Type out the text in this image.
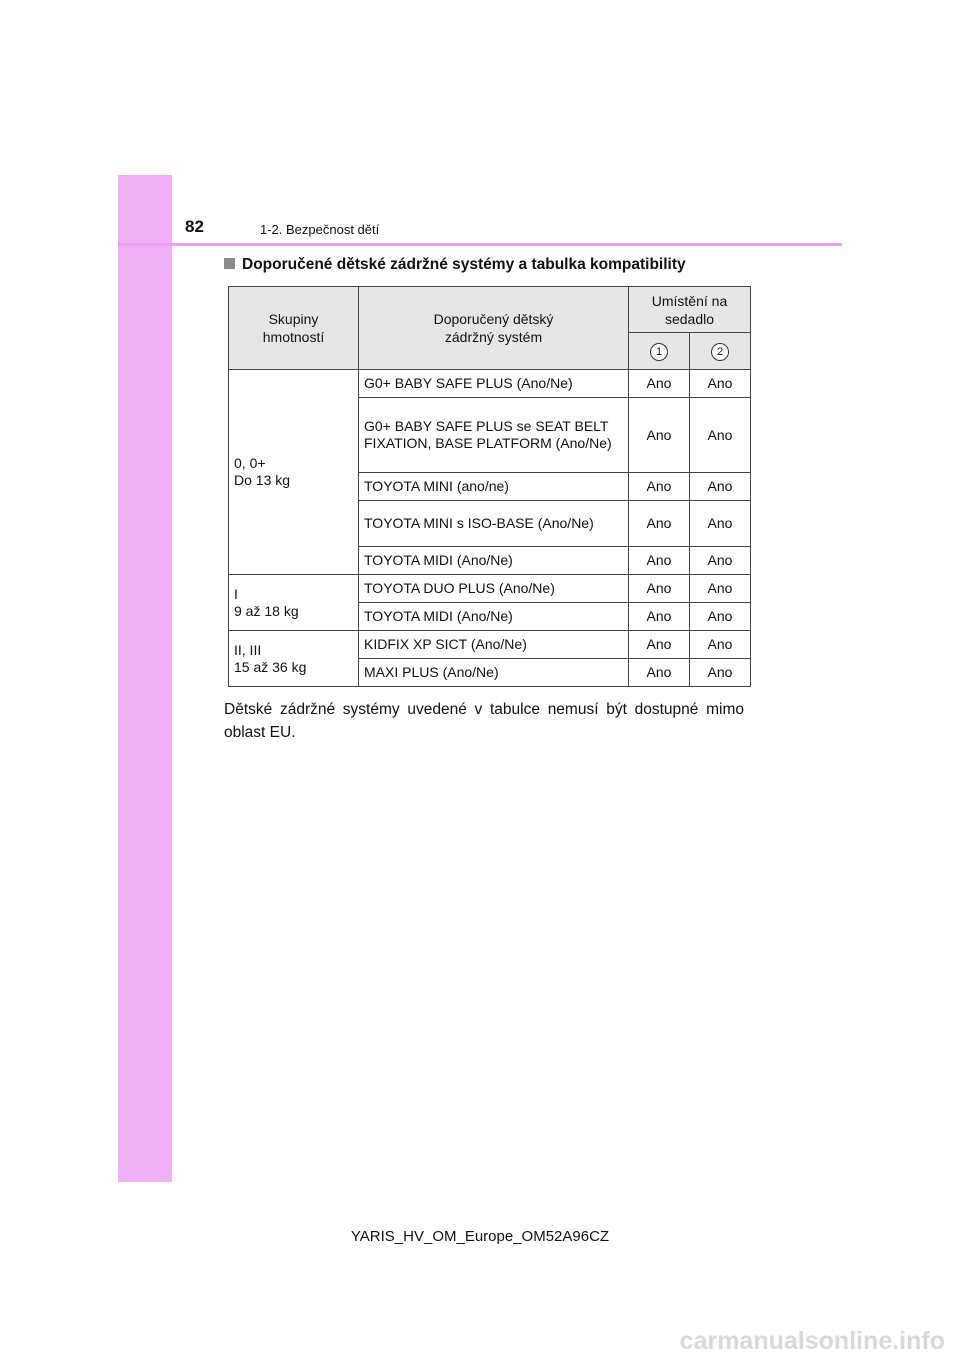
82	1-2. Bezpečnost dětí
Doporučené dětské zádržné systémy a tabulka kompatibility
Skupiny hmotností	Doporučený dětský zádržný systém	Umístění na sedadlo	
		1	2
0, 0+
Do 13 kg	G0+ BABY SAFE PLUS (Ano/Ne)	Ano	Ano
	G0+ BABY SAFE PLUS se SEAT BELT FIXATION, BASE PLATFORM (Ano/Ne)	Ano	Ano
	TOYOTA MINI (ano/ne)	Ano	Ano
	TOYOTA MINI s ISO-BASE (Ano/Ne)	Ano	Ano
	TOYOTA MIDI (Ano/Ne)	Ano	Ano
I
9 až 18 kg	TOYOTA DUO PLUS (Ano/Ne)	Ano	Ano
	TOYOTA MIDI (Ano/Ne)	Ano	Ano
II, III
15 až 36 kg	KIDFIX XP SICT (Ano/Ne)	Ano	Ano
	MAXI PLUS (Ano/Ne)	Ano	Ano
Dětské zádržné systémy uvedené v tabulce nemusí být dostupné mimo oblast EU.
YARIS_HV_OM_Europe_OM52A96CZ
carmanualsonline.info
